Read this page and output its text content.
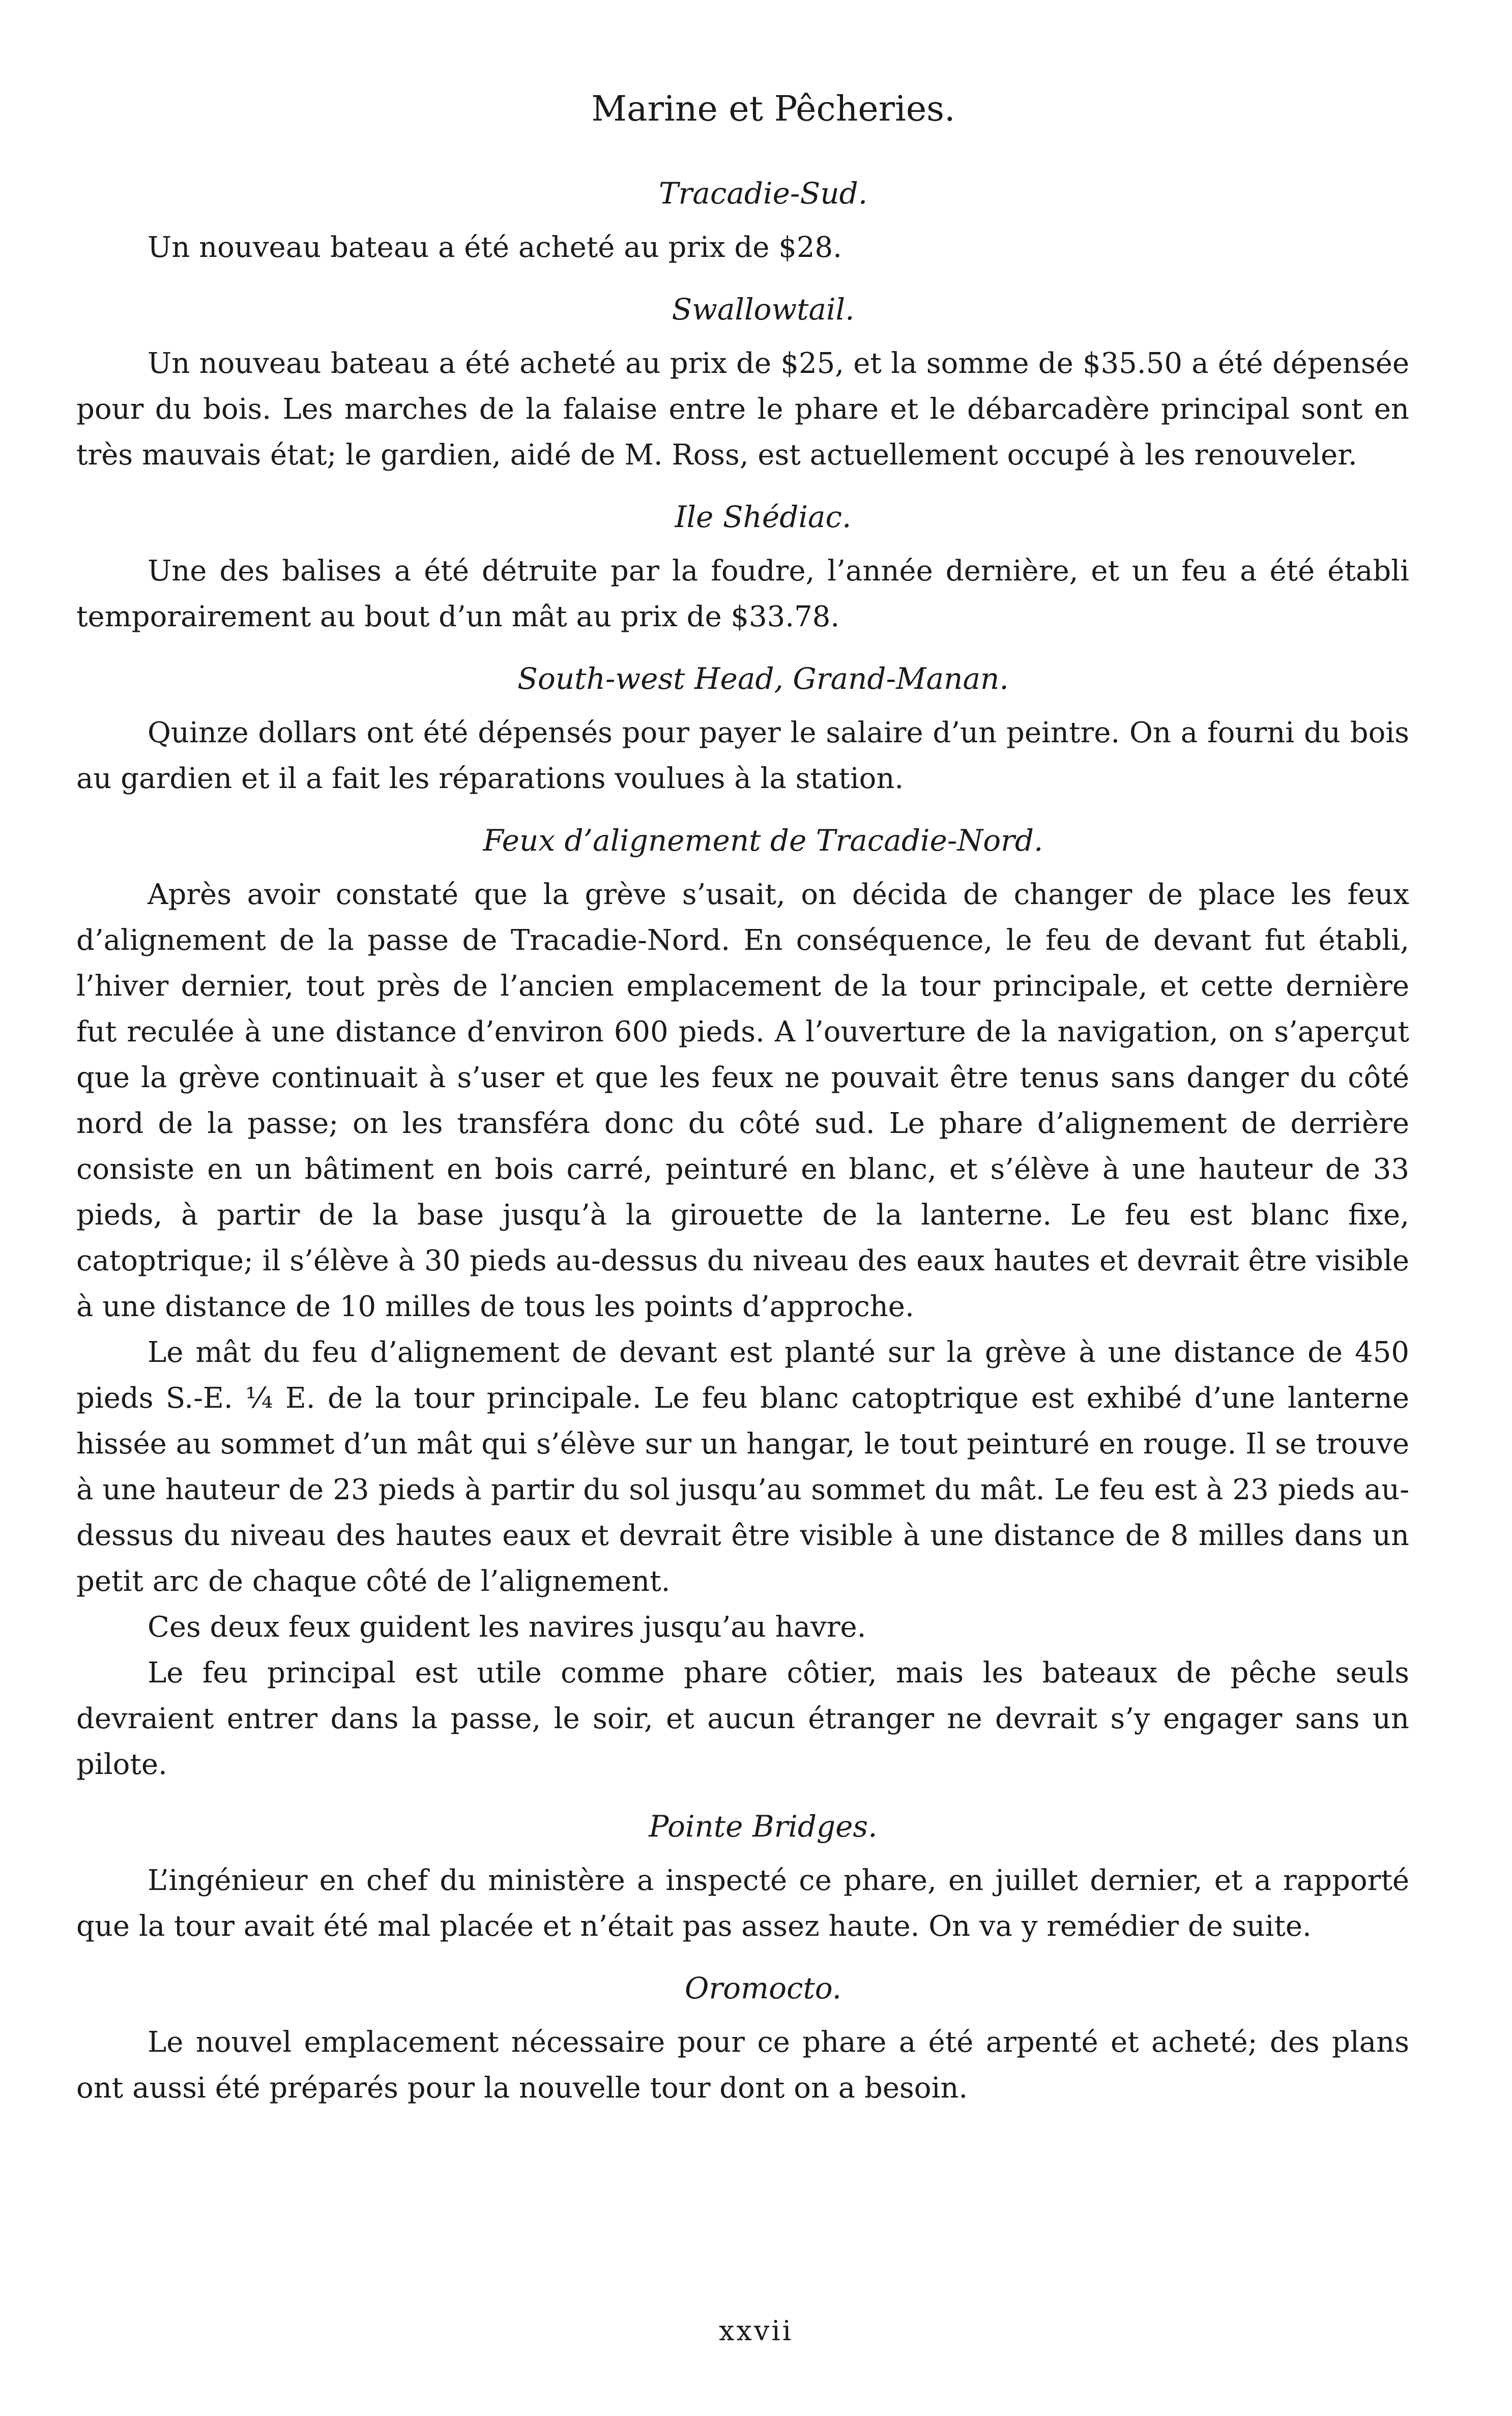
Marine et Pêcheries.
Tracadie-Sud.

Un nouveau bateau a été acheté au prix de $28.

Swallowtail.

Un nouveau bateau a été acheté au prix de $25, et la somme de $35.50 a été dépensée pour du bois. Les marches de la falaise entre le phare et le débarcadère principal sont en très mauvais état; le gardien, aidé de M. Ross, est actuellement occupé à les renouveler.

Ile Shédiac.

Une des balises a été détruite par la foudre, l’année dernière, et un feu a été établi temporairement au bout d’un mât au prix de $33.78.

South-west Head, Grand-Manan.

Quinze dollars ont été dépensés pour payer le salaire d’un peintre. On a fourni du bois au gardien et il a fait les réparations voulues à la station.

Feux d’alignement de Tracadie-Nord.

Après avoir constaté que la grève s’usait, on décida de changer de place les feux d’alignement de la passe de Tracadie-Nord. En conséquence, le feu de devant fut établi, l’hiver dernier, tout près de l’ancien emplacement de la tour principale, et cette dernière fut reculée à une distance d’environ 600 pieds. A l’ouverture de la navigation, on s’aperçut que la grève continuait à s’user et que les feux ne pouvait être tenus sans danger du côté nord de la passe; on les transféra donc du côté sud. Le phare d’alignement de derrière consiste en un bâtiment en bois carré, peinturé en blanc, et s’élève à une hauteur de 33 pieds, à partir de la base jusqu’à la girouette de la lanterne. Le feu est blanc fixe, catoptrique; il s’élève à 30 pieds au-dessus du niveau des eaux hautes et devrait être visible à une distance de 10 milles de tous les points d’approche.

Le mât du feu d’alignement de devant est planté sur la grève à une distance de 450 pieds S.-E. ¼ E. de la tour principale. Le feu blanc catoptrique est exhibé d’une lanterne hissée au sommet d’un mât qui s’élève sur un hangar, le tout peinturé en rouge. Il se trouve à une hauteur de 23 pieds à partir du sol jusqu’au sommet du mât. Le feu est à 23 pieds au-dessus du niveau des hautes eaux et devrait être visible à une distance de 8 milles dans un petit arc de chaque côté de l’alignement.

Ces deux feux guident les navires jusqu’au havre.

Le feu principal est utile comme phare côtier, mais les bateaux de pêche seuls devraient entrer dans la passe, le soir, et aucun étranger ne devrait s’y engager sans un pilote.

Pointe Bridges.

L’ingénieur en chef du ministère a inspecté ce phare, en juillet dernier, et a rapporté que la tour avait été mal placée et n’était pas assez haute. On va y remédier de suite.

Oromocto.

Le nouvel emplacement nécessaire pour ce phare a été arpenté et acheté; des plans ont aussi été préparés pour la nouvelle tour dont on a besoin.

xxvii
